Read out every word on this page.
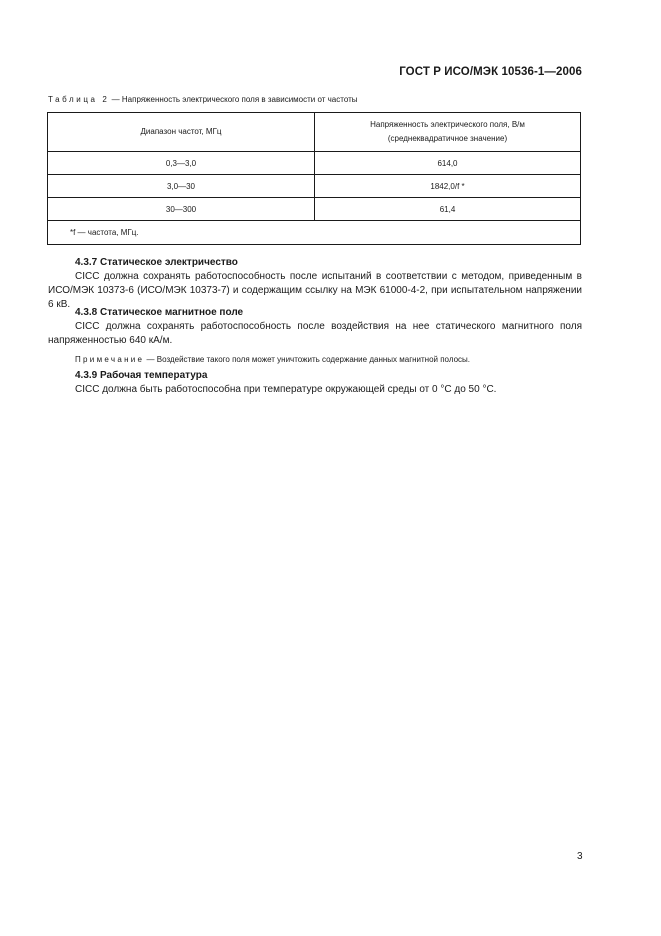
ГОСТ Р ИСО/МЭК 10536-1—2006
Таблица 2 — Напряженность электрического поля в зависимости от частоты
Диапазон частот, МГц	Напряженность электрического поля, В/м
(среднеквадратичное значение)

0,3—3,0	614,0
3,0—30	1842,0/f *
30—300	61,4
*f — частота, МГц.	
4.3.7 Статическое электричество
CICC должна сохранять работоспособность после испытаний в соответствии с методом, приведенным в ИСО/МЭК 10373-6 (ИСО/МЭК 10373-7) и содержащим ссылку на МЭК 61000-4-2, при испытательном напряжении 6 кВ.
4.3.8 Статическое магнитное поле
CICC должна сохранять работоспособность после воздействия на нее статического магнитного поля напряженностью 640 кА/м.
Примечание — Воздействие такого поля может уничтожить содержание данных магнитной полосы.
4.3.9 Рабочая температура
CICC должна быть работоспособна при температуре окружающей среды от 0 °С до 50 °С.
3
